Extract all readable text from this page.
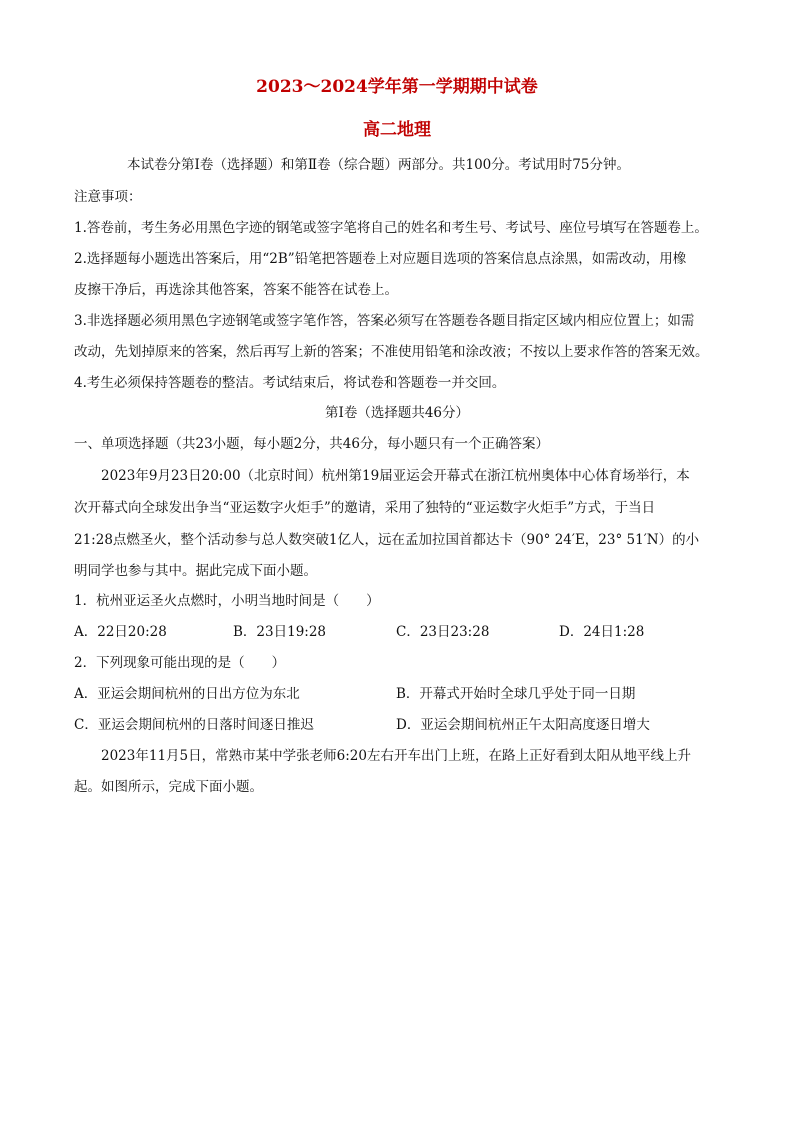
2023～2024学年第一学期期中试卷
高二地理
本试卷分第Ⅰ卷（选择题）和第Ⅱ卷（综合题）两部分。共100分。考试用时75分钟。
注意事项：
1.答卷前，考生务必用黑色字迹的钢笔或签字笔将自己的姓名和考生号、考试号、座位号填写在答题卷上。
2.选择题每小题选出答案后，用“2B”铅笔把答题卷上对应题目选项的答案信息点涂黑，如需改动，用橡
皮擦干净后，再选涂其他答案，答案不能答在试卷上。
3.非选择题必须用黑色字迹钢笔或签字笔作答，答案必须写在答题卷各题目指定区域内相应位置上；如需
改动，先划掉原来的答案，然后再写上新的答案；不准使用铅笔和涂改液；不按以上要求作答的答案无效。
4.考生必须保持答题卷的整洁。考试结束后，将试卷和答题卷一并交回。
第Ⅰ卷（选择题共46分）
一、单项选择题（共23小题，每小题2分，共46分，每小题只有一个正确答案）
2023年9月23日20:00（北京时间）杭州第19届亚运会开幕式在浙江杭州奥体中心体育场举行，本
次开幕式向全球发出争当“亚运数字火炬手”的邀请，采用了独特的“亚运数字火炬手”方式，于当日
21:28点燃圣火，整个活动参与总人数突破1亿人，远在孟加拉国首都达卡（90° 24′E，23° 51′N）的小
明同学也参与其中。据此完成下面小题。
1．杭州亚运圣火点燃时，小明当地时间是（　　）
A．22日20:28	B．23日19:28	C．23日23:28	D．24日1:28
2．下列现象可能出现的是（　　）
A．亚运会期间杭州的日出方位为东北	B．开幕式开始时全球几乎处于同一日期
C．亚运会期间杭州的日落时间逐日推迟	D．亚运会期间杭州正午太阳高度逐日增大
2023年11月5日，常熟市某中学张老师6:20左右开车出门上班，在路上正好看到太阳从地平线上升
起。如图所示，完成下面小题。
